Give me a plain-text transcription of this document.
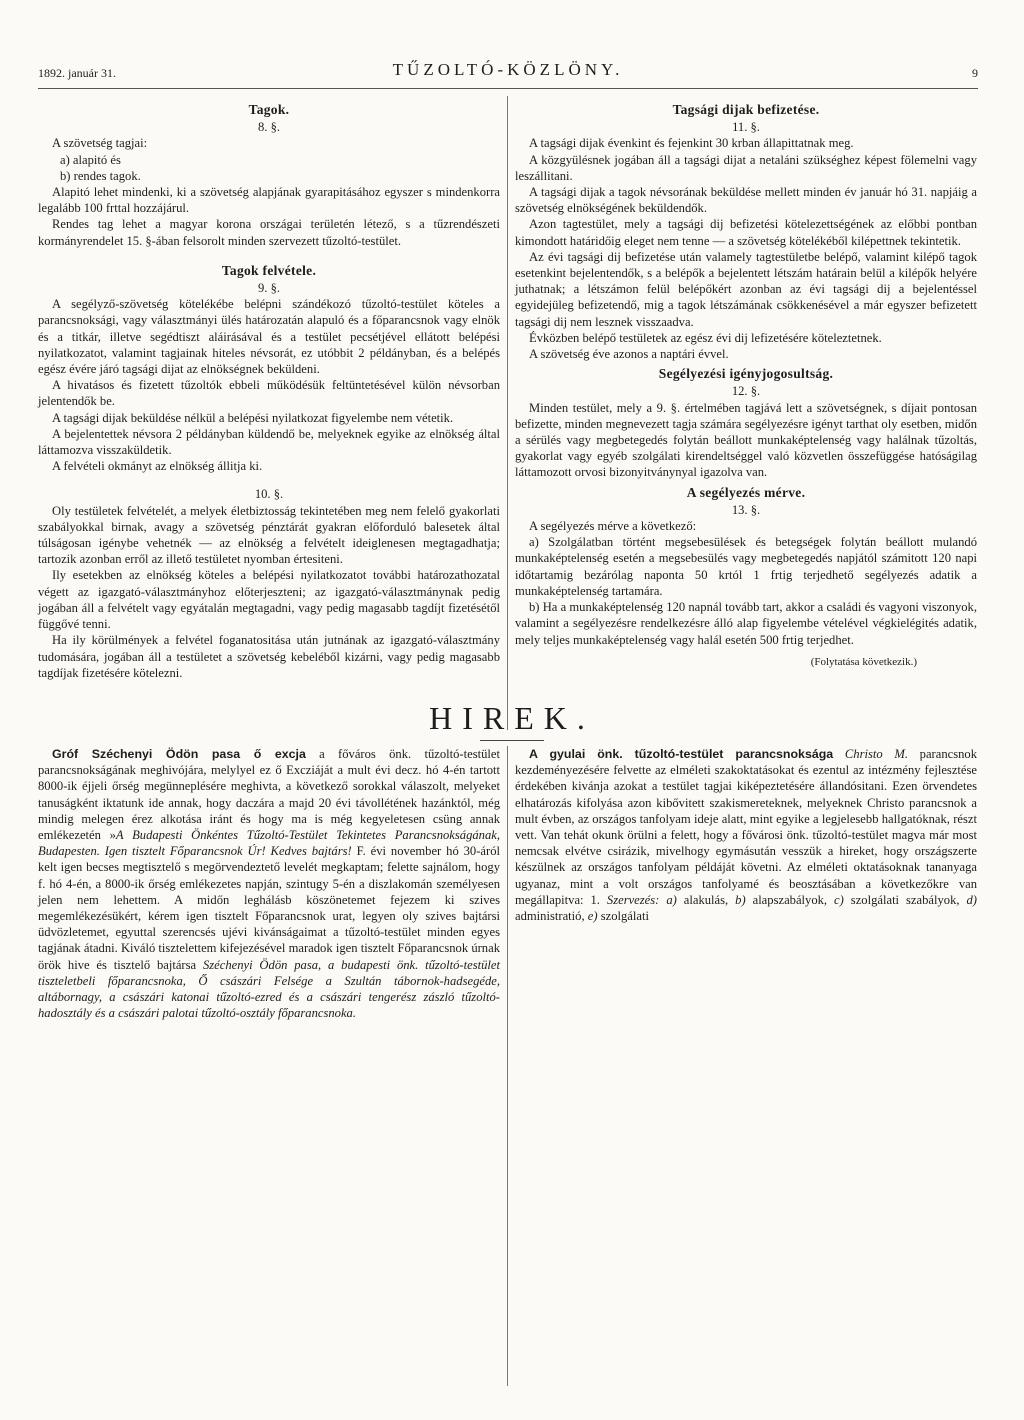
1892. január 31.	TŰZOLTÓ-KÖZLÖNY.	9
Tagok.
8. §.

A szövetség tagjai:

a) alapitó és

b) rendes tagok.

Alapitó lehet mindenki, ki a szövetség alapjának gyarapitásához egyszer s mindenkorra legalább 100 frttal hozzájárul.

Rendes tag lehet a magyar korona országai területén létező, s a tűzrendészeti kormányrendelet 15. §-ában felsorolt minden szervezett tűzoltó-testület.

Tagok felvétele.
9. §.

A segélyző-szövetség kötelékébe belépni szándékozó tűzoltó-testület köteles a parancsnoksági, vagy választmányi ülés határozatán alapuló és a főparancsnok vagy elnök és a titkár, illetve segédtiszt aláirásával és a testület pecsétjével ellátott belépési nyilatkozatot, valamint tagjainak hiteles névsorát, ez utóbbit 2 példányban, és a belépés egész évére járó tagsági dijat az elnökségnek beküldeni.

A hivatásos és fizetett tűzoltók ebbeli működésük feltüntetésével külön névsorban jelentendők be.

A tagsági dijak beküldése nélkül a belépési nyilatkozat figyelembe nem vétetik.

A bejelentettek névsora 2 példányban küldendő be, melyeknek egyike az elnökség által láttamozva visszaküldetik.

A felvételi okmányt az elnökség állitja ki.

10. §.

Oly testületek felvételét, a melyek életbiztosság tekintetében meg nem felelő gyakorlati szabályokkal birnak, avagy a szövetség pénztárát gyakran előforduló balesetek által túlságosan igénybe vehetnék — az elnökség a felvételt ideiglenesen megtagadhatja; tartozik azonban erről az illető testületet nyomban értesiteni.

Ily esetekben az elnökség köteles a belépési nyilatkozatot további határozathozatal végett az igazgató-választmányhoz előterjeszteni; az igazgató-választmánynak pedig jogában áll a felvételt vagy egyátalán megtagadni, vagy pedig magasabb tagdíjt fizetésétől függővé tenni.

Ha ily körülmények a felvétel foganatositása után jutnának az igazgató-választmány tudomására, jogában áll a testületet a szövetség kebeléből kizárni, vagy pedig magasabb tagdíjak fizetésére kötelezni.

Tagsági dijak befizetése.
11. §.

A tagsági dijak évenkint és fejenkint 30 krban állapittatnak meg.

A közgyülésnek jogában áll a tagsági dijat a netaláni szükséghez képest fölemelni vagy leszállitani.

A tagsági dijak a tagok névsorának beküldése mellett minden év január hó 31. napjáig a szövetség elnökségének beküldendők.

Azon tagtestület, mely a tagsági dij befizetési kötelezettségének az előbbi pontban kimondott határidőig eleget nem tenne — a szövetség kötelékéből kilépettnek tekintetik.

Az évi tagsági dij befizetése után valamely tagtestületbe belépő, valamint kilépő tagok esetenkint bejelentendők, s a belépők a bejelentett létszám határain belül a kilépők helyére juthatnak; a létszámon felül belépőkért azonban az évi tagsági dij a bejelentéssel egyidejüleg befizetendő, mig a tagok létszámának csökkenésével a már egyszer befizetett tagsági dij nem lesznek visszaadva.

Évközben belépő testületek az egész évi dij lefizetésére köteleztetnek.

A szövetség éve azonos a naptári évvel.

Segélyezési igényjogosultság.
12. §.

Minden testület, mely a 9. §. értelmében tagjává lett a szövetségnek, s díjait pontosan befizette, minden megnevezett tagja számára segélyezésre igényt tarthat oly esetben, midőn a sérülés vagy megbetegedés folytán beállott munkaképtelenség vagy halálnak tűzoltás, gyakorlat vagy egyéb szolgálati kirendeltséggel való közvetlen összefüggése hatóságilag láttamozott orvosi bizonyitványnyal igazolva van.

A segélyezés mérve.
13. §.

A segélyezés mérve a következő:

a) Szolgálatban történt megsebesülések és betegségek folytán beállott mulandó munkaképtelenség esetén a megsebesülés vagy megbetegedés napjától számitott 120 napi időtartamig bezárólag naponta 50 krtól 1 frtig terjedhető segélyezés adatik a munkaképtelenség tartamára.

b) Ha a munkaképtelenség 120 napnál tovább tart, akkor a családi és vagyoni viszonyok, valamint a segélyezésre rendelkezésre álló alap figyelembe vételével végkielégités adatik, mely teljes munkaképtelenség vagy halál esetén 500 frtig terjedhet.

(Folytatása következik.)
HIREK.

Gróf Széchenyi Ödön pasa ő excja a főváros önk. tűzoltó-testület parancsnokságának meghivójára, melylyel ez ő Excziáját a mult évi decz. hó 4-én tartott 8000-ik éjjeli őrség megünneplésére meghivta, a következő sorokkal válaszolt, melyeket tanuságként iktatunk ide annak, hogy daczára a majd 20 évi távollétének hazánktól, még mindig melegen érez alkotása iránt és hogy ma is még kegyeletesen csüng annak emlékezetén »A Budapesti Önkéntes Tűzoltó-Testület Tekintetes Parancsnokságának, Budapesten. Igen tisztelt Főparancsnok Úr! Kedves bajtárs! F. évi november hó 30-áról kelt igen becses megtisztelő s megörvendeztető levelét megkaptam; felette sajnálom, hogy f. hó 4-én, a 8000-ik őrség emlékezetes napján, szintugy 5-én a diszlakomán személyesen jelen nem lehettem. A midőn leghálásb köszönetemet fejezem ki szives megemlékezésükért, kérem igen tisztelt Főparancsnok urat, legyen oly szives bajtársi üdvözletemet, egyuttal szerencsés ujévi kivánságaimat a tűzoltó-testület minden egyes tagjának átadni. Kiváló tisztelettem kifejezésével maradok igen tisztelt Főparancsnok úrnak örök hive és tisztelő bajtársa Széchenyi Ödön pasa, a budapesti önk. tűzoltó-testület tiszteletbeli főparancsnoka, Ő császári Felsége a Szultán tábornok-hadsegéde, altábornagy, a császári katonai tűzoltó-ezred és a császári tengerész zászló tűzoltó-hadosztály és a császári palotai tűzoltó-osztály főparancsnoka.

A gyulai önk. tűzoltó-testület parancsnoksága Christo M. parancsnok kezdeményezésére felvette az elméleti szakoktatásokat és ezentul az intézmény fejlesztése érdekében kivánja azokat a testület tagjai kiképeztetésére állandósitani. Ezen örvendetes elhatározás kifolyása azon kibővitett szakismereteknek, melyeknek Christo parancsnok a mult évben, az országos tanfolyam ideje alatt, mint egyike a legjelesebb hallgatóknak, részt vett. Van tehát okunk örülni a felett, hogy a fővárosi önk. tűzoltó-testület magva már most nemcsak elvétve csirázik, mivelhogy egymásután vesszük a hireket, hogy országszerte készülnek az országos tanfolyam példáját követni. Az elméleti oktatásoknak tananyaga ugyanaz, mint a volt országos tanfolyamé és beosztásában a következőkre van megállapitva: 1. Szervezés: a) alakulás, b) alapszabályok, c) szolgálati szabályok, d) administratió, e) szolgálati
